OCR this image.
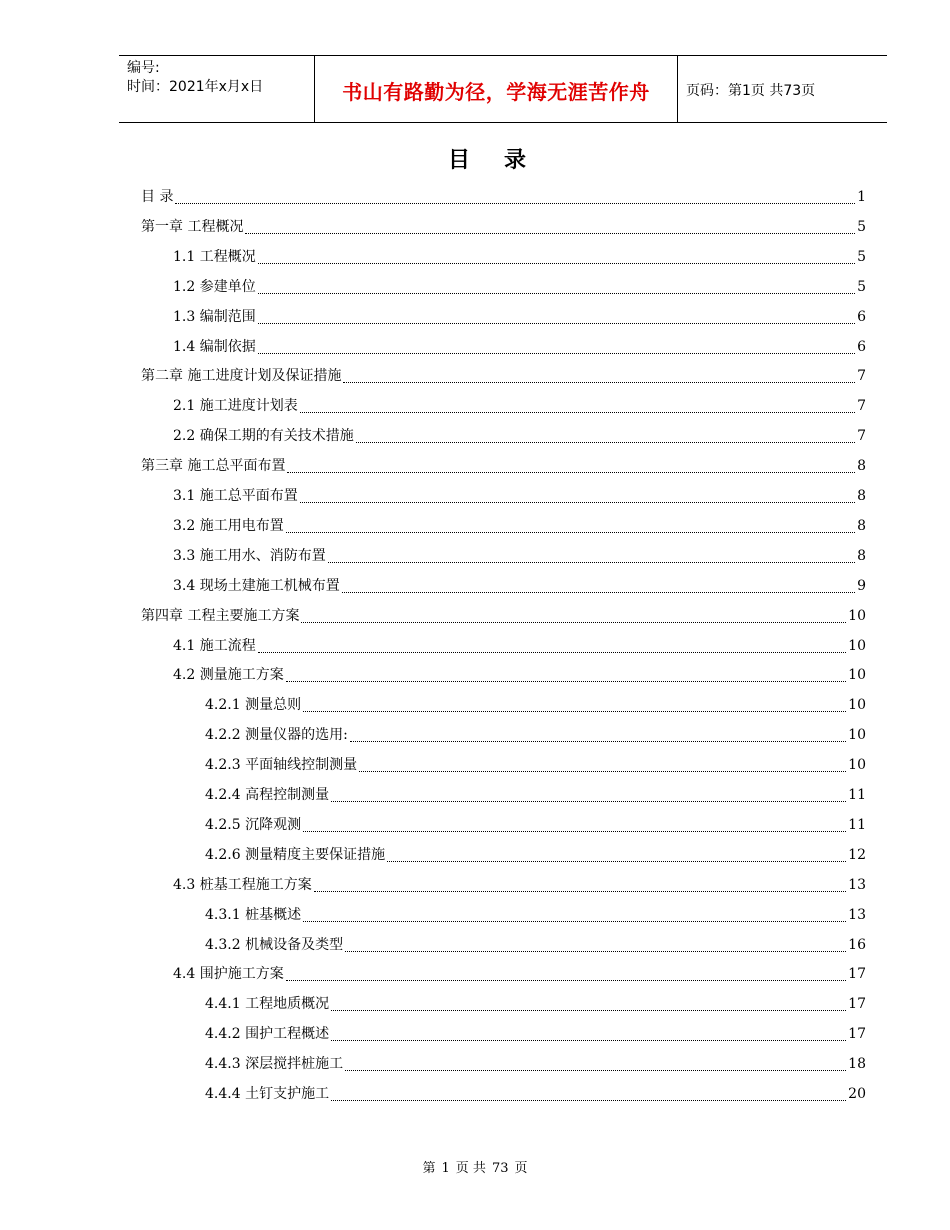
编号:
时间：2021年x月x日	书山有路勤为径，学海无涯苦作舟	页码：第1页 共73页
目录
目 录	1
第一章 工程概况	5
1.1 工程概况	5
1.2 参建单位	5
1.3 编制范围	6
1.4 编制依据	6
第二章 施工进度计划及保证措施	7
2.1 施工进度计划表	7
2.2 确保工期的有关技术措施	7
第三章 施工总平面布置	8
3.1 施工总平面布置	8
3.2 施工用电布置	8
3.3 施工用水、消防布置	8
3.4 现场土建施工机械布置	9
第四章 工程主要施工方案	10
4.1 施工流程	10
4.2 测量施工方案	10
4.2.1 测量总则	10
4.2.2 测量仪器的选用:	10
4.2.3 平面轴线控制测量	10
4.2.4 高程控制测量	11
4.2.5 沉降观测	11
4.2.6 测量精度主要保证措施	12
4.3 桩基工程施工方案	13
4.3.1 桩基概述	13
4.3.2 机械设备及类型	16
4.4 围护施工方案	17
4.4.1 工程地质概况	17
4.4.2 围护工程概述	17
4.4.3 深层搅拌桩施工	18
4.4.4 土钉支护施工	20
第 1 页 共 73 页
